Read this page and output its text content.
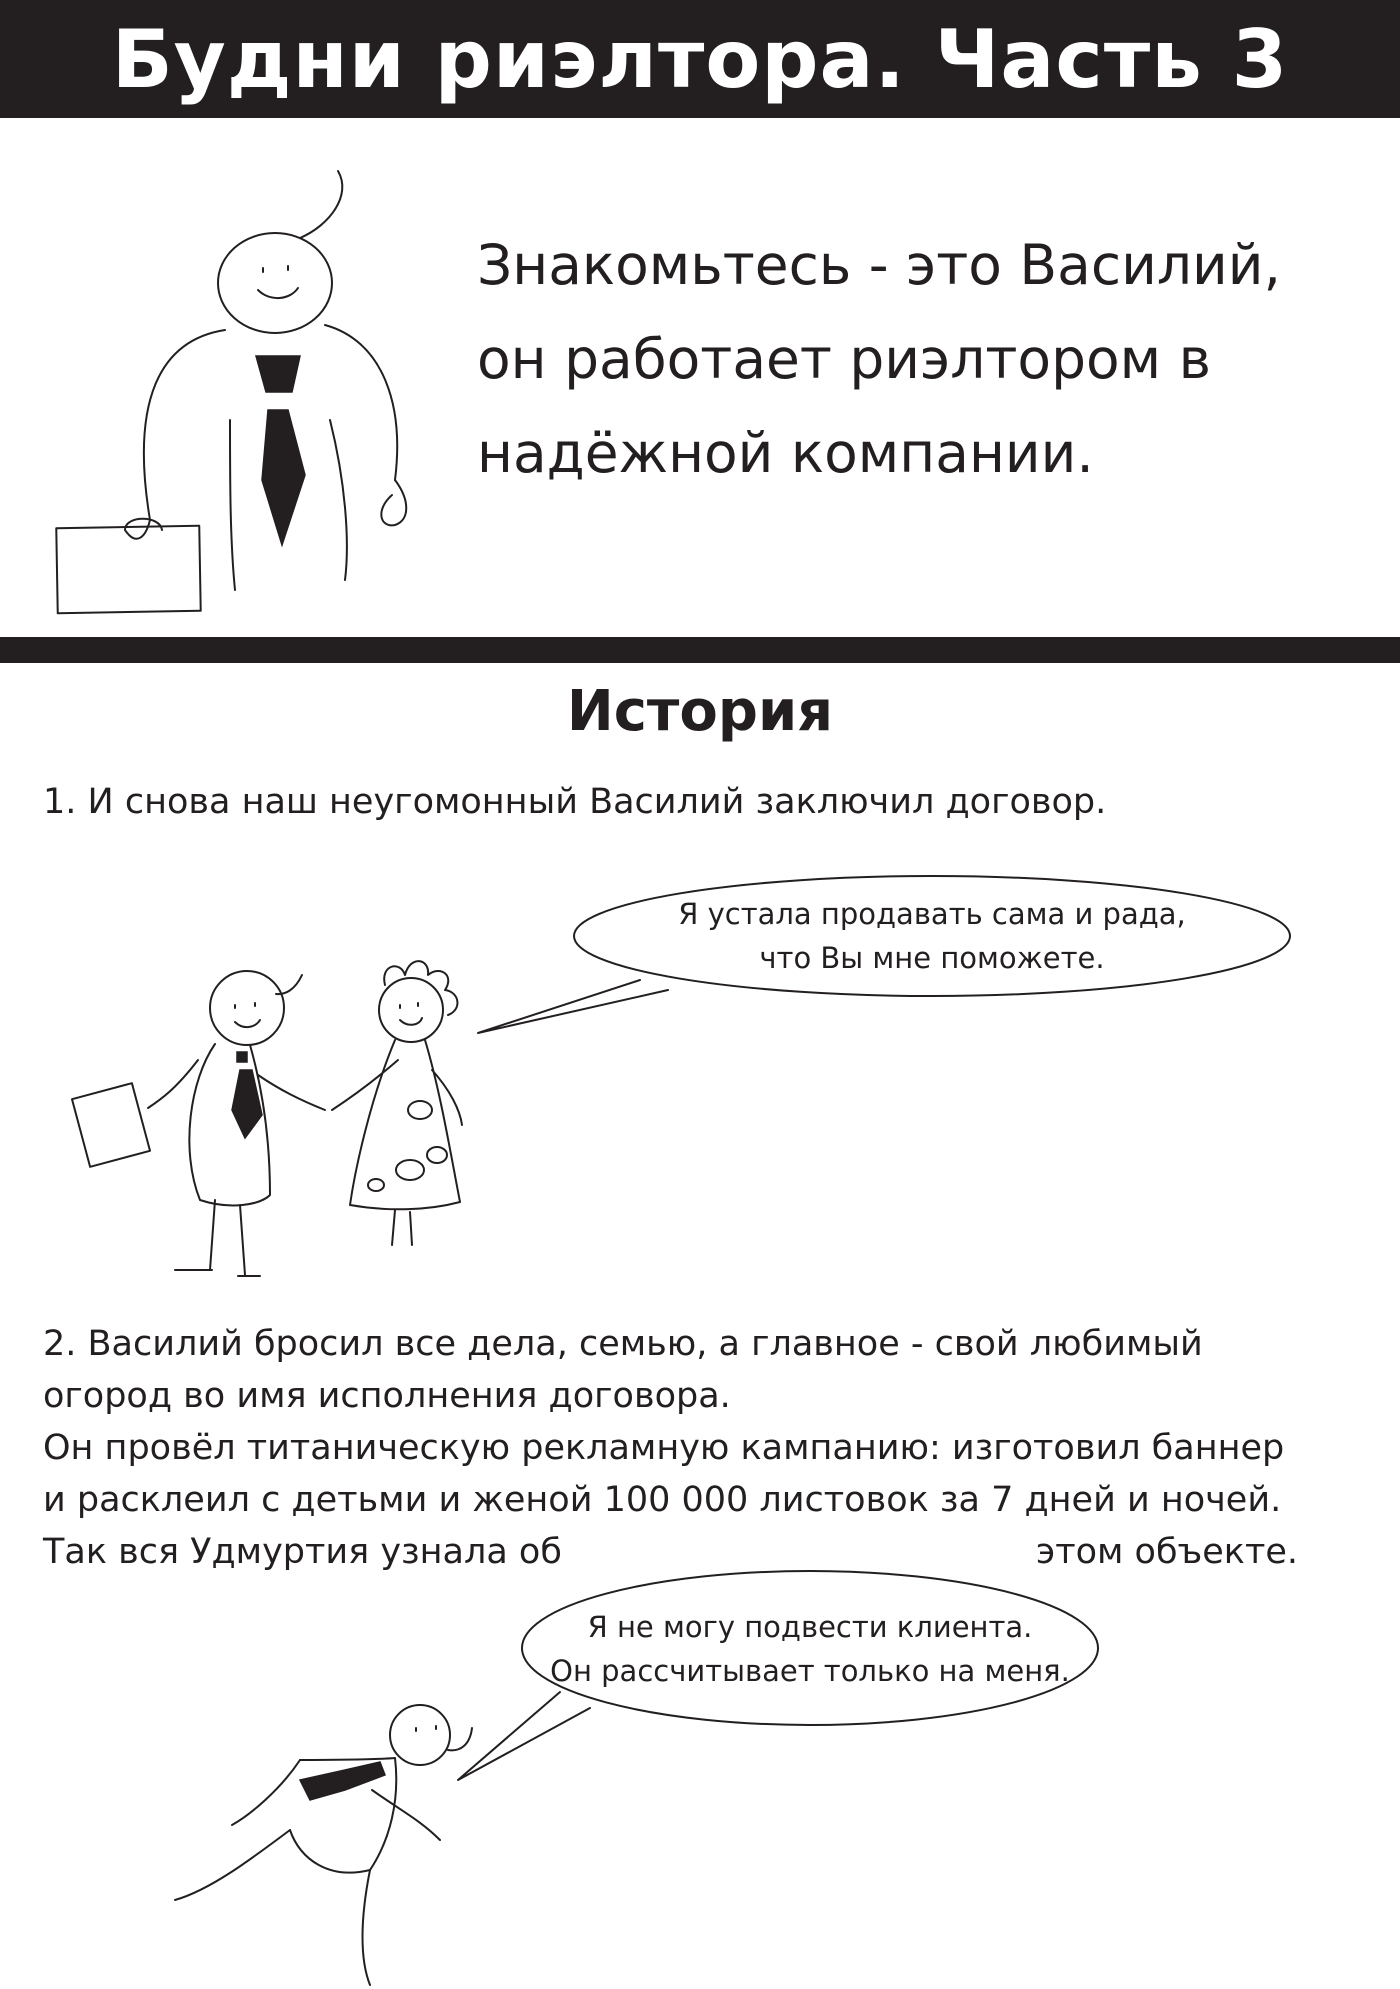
Будни риэлтора. Часть 3

Знакомьтесь - это Василий,
он работает риэлтором в
надёжной компании.

История

1. И снова наш неугомонный Василий заключил договор.

2. Василий бросил все дела, семью, а главное - свой любимый
огород во имя исполнения договора.
Он провёл титаническую рекламную кампанию: изготовил баннер
и расклеил с детьми и женой 100 000 листовок за 7 дней и ночей.
Так вся Удмуртия узнала об	этом объекте.
Я устала продавать сама и рада,
что Вы мне поможете.
Я не могу подвести клиента.
Он рассчитывает только на меня.
